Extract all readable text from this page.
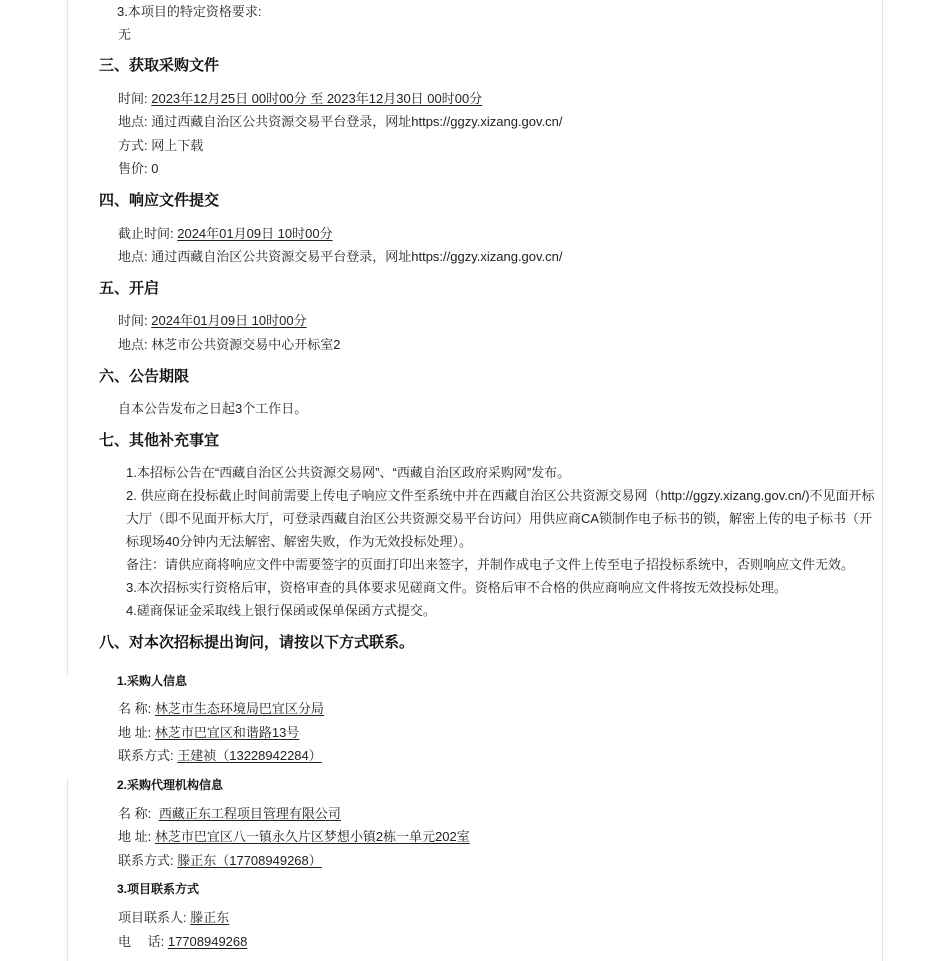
3.本项目的特定资格要求:
无
三、获取采购文件
时间: 2023年12月25日 00时00分 至 2023年12月30日 00时00分
地点: 通过西藏自治区公共资源交易平台登录，网址https://ggzy.xizang.gov.cn/
方式: 网上下载
售价: 0
四、响应文件提交
截止时间: 2024年01月09日 10时00分
地点: 通过西藏自治区公共资源交易平台登录，网址https://ggzy.xizang.gov.cn/
五、开启
时间: 2024年01月09日 10时00分
地点: 林芝市公共资源交易中心开标室2
六、公告期限
自本公告发布之日起3个工作日。
七、其他补充事宜
1.本招标公告在“西藏自治区公共资源交易网”、“西藏自治区政府采购网”发布。
2. 供应商在投标截止时间前需要上传电子响应文件至系统中并在西藏自治区公共资源交易网（http://ggzy.xizang.gov.cn/)不见面开标
大厅（即不见面开标大厅，可登录西藏自治区公共资源交易平台访问）用供应商CA锁制作电子标书的锁，解密上传的电子标书（开
标现场40分钟内无法解密、解密失败，作为无效投标处理）。
备注：请供应商将响应文件中需要签字的页面打印出来签字，并制作成电子文件上传至电子招投标系统中，否则响应文件无效。
3.本次招标实行资格后审，资格审查的具体要求见磋商文件。资格后审不合格的供应商响应文件将按无效投标处理。
4.磋商保证金采取线上银行保函或保单保函方式提交。
八、对本次招标提出询问，请按以下方式联系。
1.采购人信息
名 称: 林芝市生态环境局巴宜区分局
地 址: 林芝市巴宜区和谐路13号
联系方式: 王建祯（13228942284）
2.采购代理机构信息
名 称: 西藏正东工程项目管理有限公司
地 址: 林芝市巴宜区八一镇永久片区梦想小镇2栋一单元202室
联系方式: 滕正东（17708949268）
3.项目联系方式
项目联系人: 滕正东
电　 话: 17708949268
